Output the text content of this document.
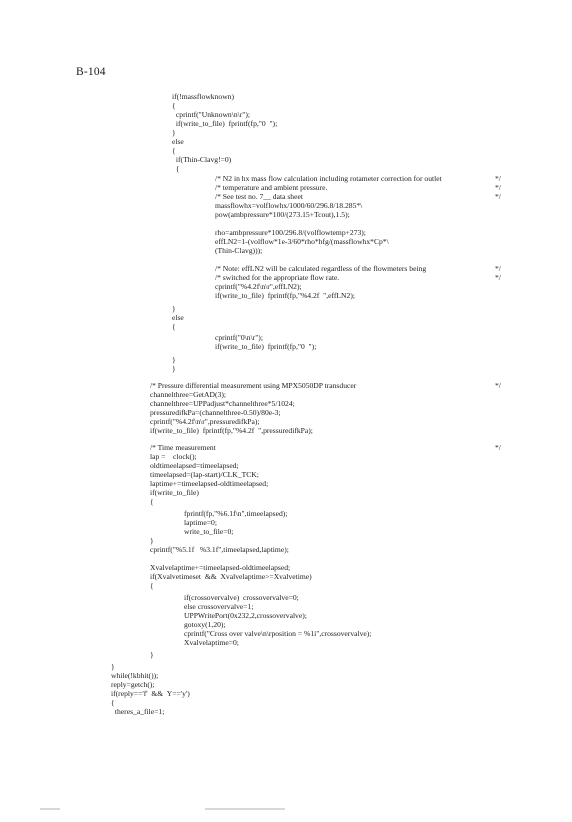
B-104
if(!massflowknown)
{
cprintf("Unknown\n\r");
if(write_to_file)  fprintf(fp,"0  ");
}
else
{
if(Thin-Clavg!=0)
{
/* N2 in hx mass flow calculation including rotameter correction for outlet
/* temperature and ambient pressure.
/* See test no. 7__ data sheet
massflowhx=volflowhx/1000/60/296.8/18.285*\
pow(ambpressure*100/(273.15+Tcout),1.5);
rho=ambpressure*100/296.8/(volflowtemp+273);
effLN2=1-(volflow*1e-3/60*rho*hfg/(massflowhx*Cp*\
(Thin-Clavg)));
/* Note: effLN2 will be calculated regardless of the flowmeters being
/* switched for the appropriate flow rate.
cprintf("%4.2f\n\r",effLN2);
if(write_to_file)  fprintf(fp,"%4.2f  ",effLN2);
}
else
{
cprintf("0\n\r");
if(write_to_file)  fprintf(fp,"0  ");
}
}
/* Pressure differential measurement using MPX5050DP transducer
channelthree=GetAD(3);
channelthree=UPPadjust*channelthree*5/1024;
pressuredifkPa=(channelthree-0.50)/80e-3;
cprintf("%4.2f\n\r",pressuredifkPa);
if(write_to_file)  fprintf(fp,"%4.2f  ",pressuredifkPa);
/* Time measurement
lap =    clock();
oldtimeelapsed=timeelapsed;
timeelapsed=(lap-start)/CLK_TCK;
laptime+=timeelapsed-oldtimeelapsed;
if(write_to_file)
{
fprintf(fp,"%6.1f\n",timeelapsed);
laptime=0;
write_to_file=0;
}
cprintf("%5.1f   %3.1f",timeelapsed,laptime);
Xvalvelaptime+=timeelapsed-oldtimeelapsed;
if(Xvalvetimeset  &&  Xvalvelaptime>=Xvalvetime)
{
if(crossovervalve)  crossovervalve=0;
else crossovervalve=1;
UPPWritePort(0x232,2,crossovervalve);
gotoxy(1,20);
cprintf("Cross over valve\n\rposition = %1i",crossovervalve);
Xvalvelaptime=0;
}
}
while(!kbhit());
reply=getch();
if(reply=='f'  &&  Y=='y')
{
theres_a_file=1;
*/
*/
*/
*/
*/
*/
*/
